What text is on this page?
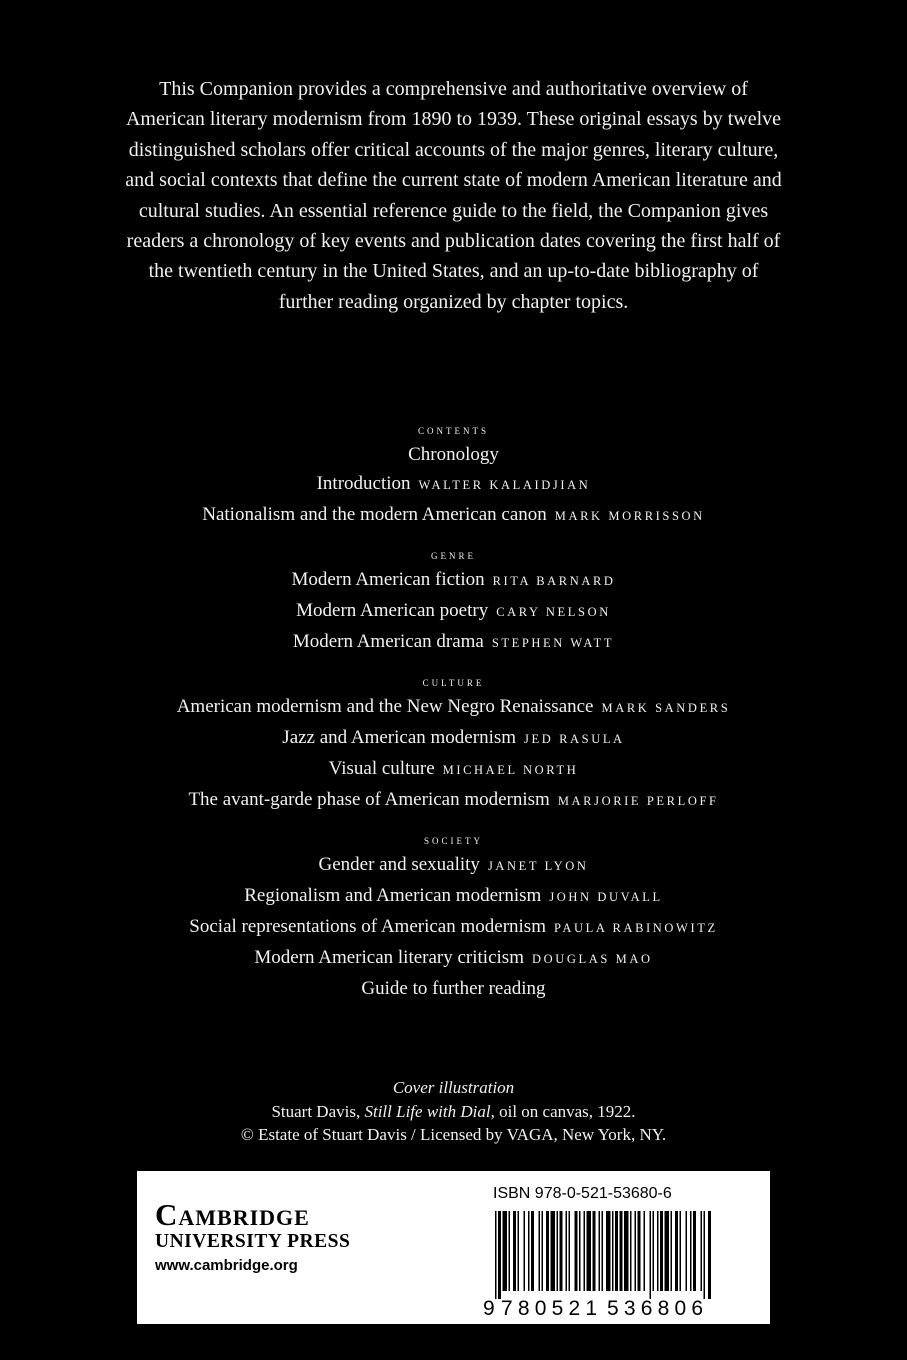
This Companion provides a comprehensive and authoritative overview of American literary modernism from 1890 to 1939. These original essays by twelve distinguished scholars offer critical accounts of the major genres, literary culture, and social contexts that define the current state of modern American literature and cultural studies. An essential reference guide to the field, the Companion gives readers a chronology of key events and publication dates covering the first half of the twentieth century in the United States, and an up-to-date bibliography of further reading organized by chapter topics.

contents
Chronology
Introduction WALTER KALAIDJIAN
Nationalism and the modern American canon MARK MORRISSON
genre
Modern American fiction RITA BARNARD
Modern American poetry CARY NELSON
Modern American drama STEPHEN WATT
culture
American modernism and the New Negro Renaissance MARK SANDERS
Jazz and American modernism JED RASULA
Visual culture MICHAEL NORTH
The avant-garde phase of American modernism MARJORIE PERLOFF
society
Gender and sexuality JANET LYON
Regionalism and American modernism JOHN DUVALL
Social representations of American modernism PAULA RABINOWITZ
Modern American literary criticism DOUGLAS MAO
Guide to further reading
Cover illustration
Stuart Davis, Still Life with Dial, oil on canvas, 1922.
© Estate of Stuart Davis / Licensed by VAGA, New York, NY.
Cambridge
UNIVERSITY PRESS
www.cambridge.org
ISBN 978-0-521-53680-6
9 780521 536806
